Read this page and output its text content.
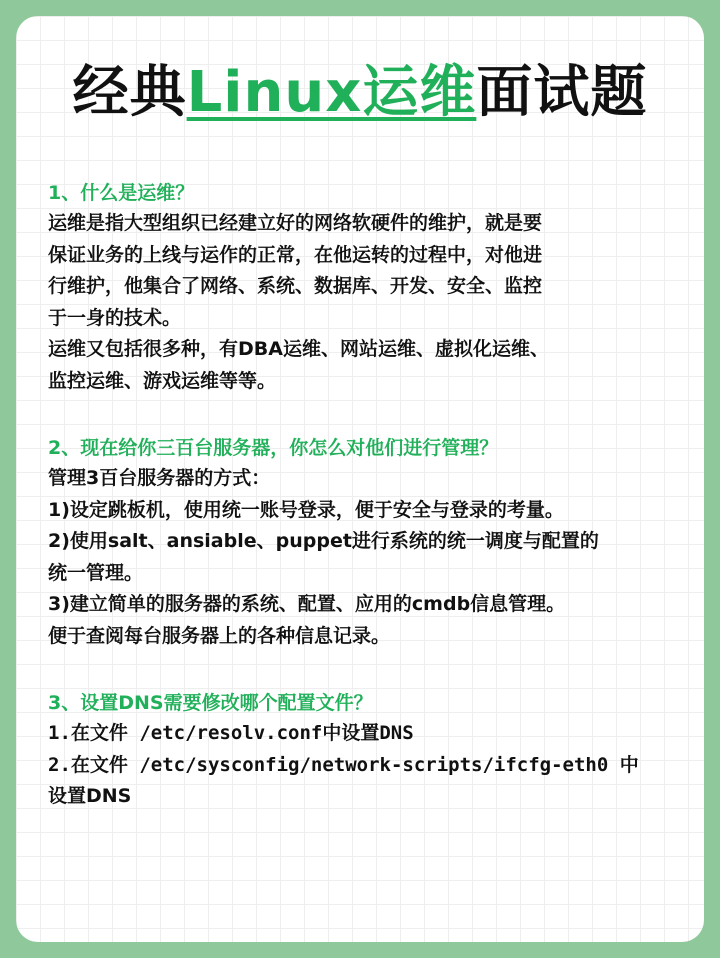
经典Linux运维面试题
1、什么是运维？
运维是指大型组织已经建立好的网络软硬件的维护，就是要
保证业务的上线与运作的正常，在他运转的过程中，对他进
行维护，他集合了网络、系统、数据库、开发、安全、监控
于一身的技术。
运维又包括很多种，有DBA运维、网站运维、虚拟化运维、
监控运维、游戏运维等等。
2、现在给你三百台服务器，你怎么对他们进行管理？
管理3百台服务器的方式：
1)设定跳板机，使用统一账号登录，便于安全与登录的考量。
2)使用salt、ansiable、puppet进行系统的统一调度与配置的
统一管理。
3)建立简单的服务器的系统、配置、应用的cmdb信息管理。
便于查阅每台服务器上的各种信息记录。
3、设置DNS需要修改哪个配置文件？
1.在文件 /etc/resolv.conf中设置DNS
2.在文件 /etc/sysconfig/network-scripts/ifcfg-eth0 中
设置DNS
